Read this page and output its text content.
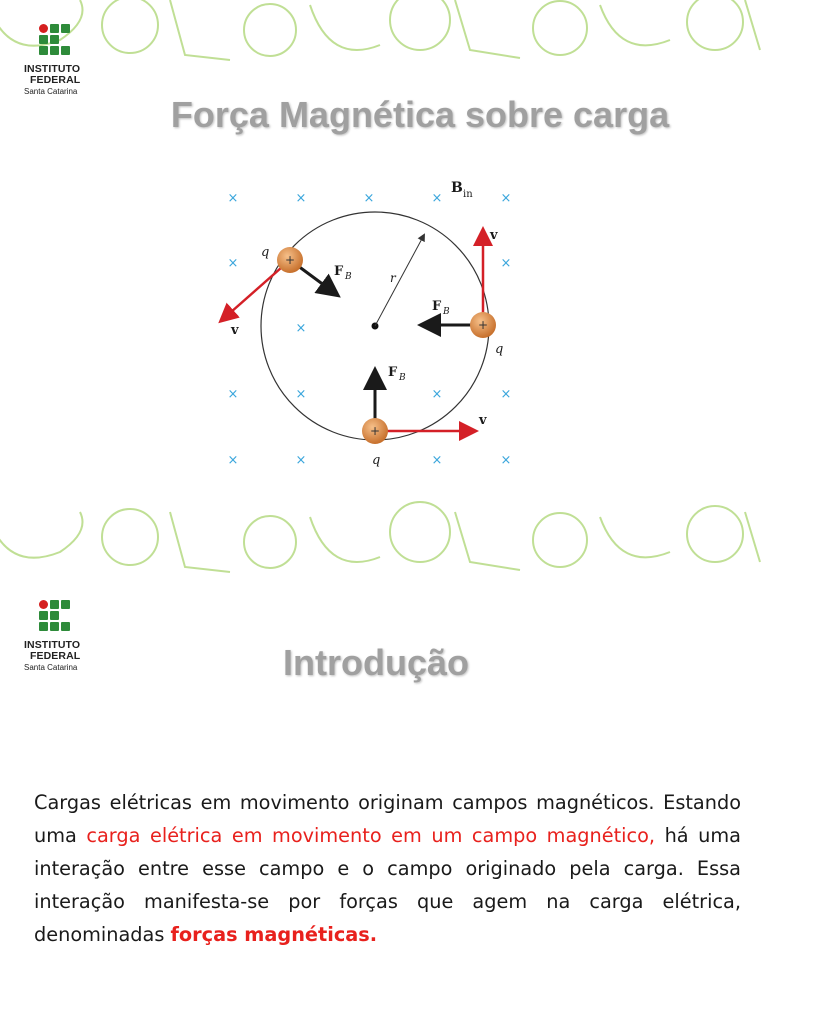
INSTITUTO
FEDERAL
Santa Catarina
Força Magnética sobre carga
×	×	×	×	×
×	×
×
×	×	×	×
×	×	×	×
B in
r
+
q
F B
v	+
q
F B
v
+
q
F B
v
INSTITUTO
FEDERAL
Santa Catarina	Introdução
Cargas elétricas em movimento originam campos magnéticos. Estando uma carga elétrica em movimento em um campo magnético, há uma interação entre esse campo e o campo originado pela carga. Essa interação manifesta-se por forças que agem na carga elétrica, denominadas forças magnéticas.
